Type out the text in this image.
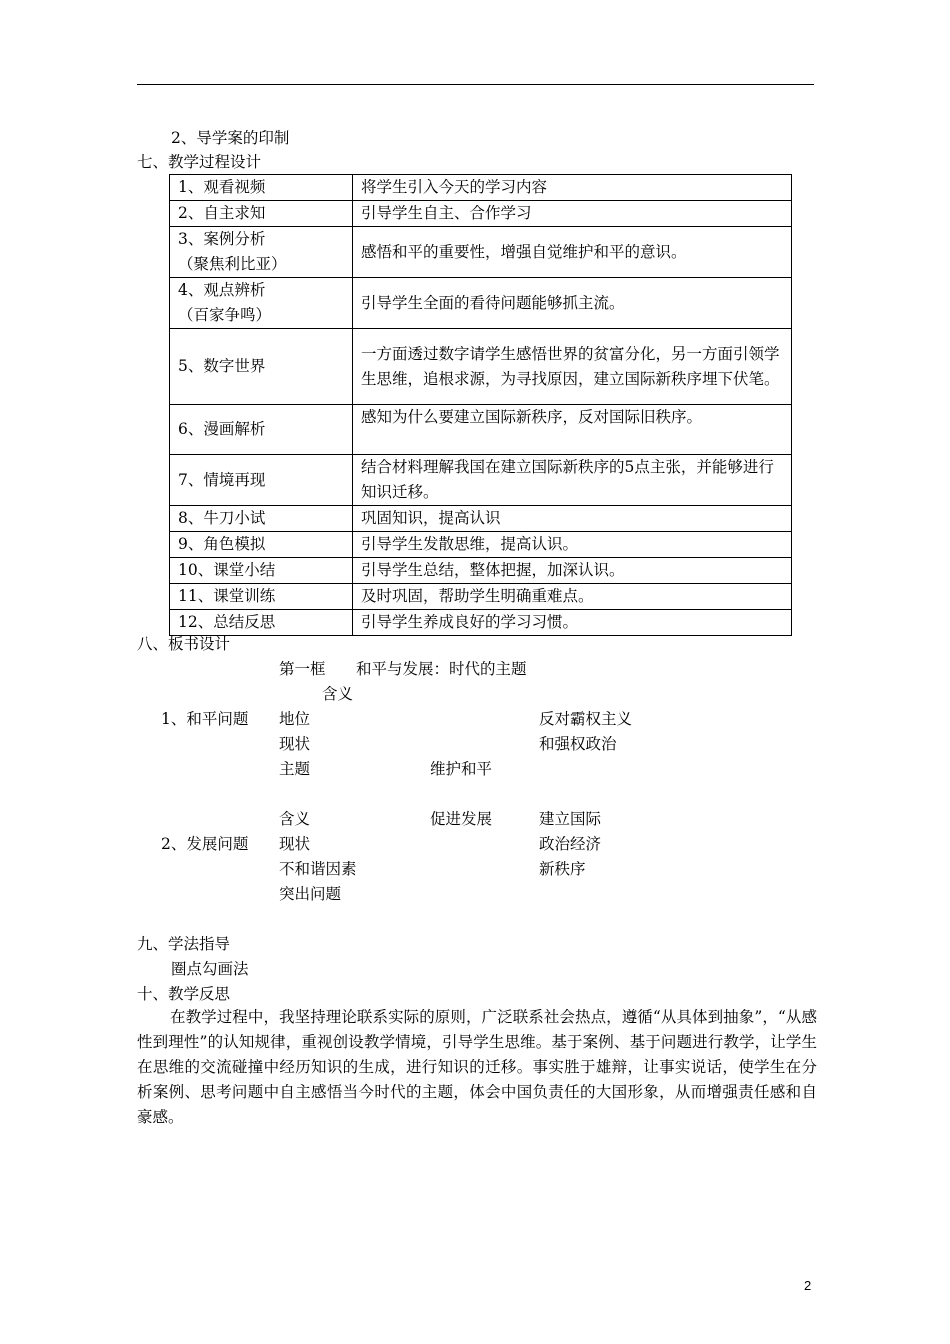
2、导学案的印制
七、教学过程设计
1、观看视频	将学生引入今天的学习内容
2、自主求知	引导学生自主、合作学习

3、案例分析
（聚焦利比亚）	感悟和平的重要性，增强自觉维护和平的意识。

4、观点辨析
（百家争鸣）	引导学生全面的看待问题能够抓主流。
5、数字世界	一方面透过数字请学生感悟世界的贫富分化，另一方面引领学生思维，追根求源，为寻找原因，建立国际新秩序埋下伏笔。
6、漫画解析	感知为什么要建立国际新秩序，反对国际旧秩序。
7、情境再现	结合材料理解我国在建立国际新秩序的5点主张，并能够进行知识迁移。
8、牛刀小试	巩固知识，提高认识
9、角色模拟	引导学生发散思维，提高认识。
10、课堂小结	引导学生总结，整体把握，加深认识。
11、课堂训练	及时巩固，帮助学生明确重难点。
12、总结反思	引导学生养成良好的学习习惯。
八、板书设计
第一框 和平与发展：时代的主题
含义
1、和平问题 地位	反对霸权主义
现状	和强权政治
主题	维护和平
含义	促进发展	建立国际
2、发展问题 现状	政治经济
不和谐因素	新秩序
突出问题
九、学法指导
圈点勾画法
十、教学反思

在教学过程中，我坚持理论联系实际的原则，广泛联系社会热点，遵循“从具体到抽象”，“从感性到理性”的认知规律，重视创设教学情境，引导学生思维。基于案例、基于问题进行教学，让学生在思维的交流碰撞中经历知识的生成，进行知识的迁移。事实胜于雄辩，让事实说话，使学生在分析案例、思考问题中自主感悟当今时代的主题，体会中国负责任的大国形象，从而增强责任感和自豪感。

2
